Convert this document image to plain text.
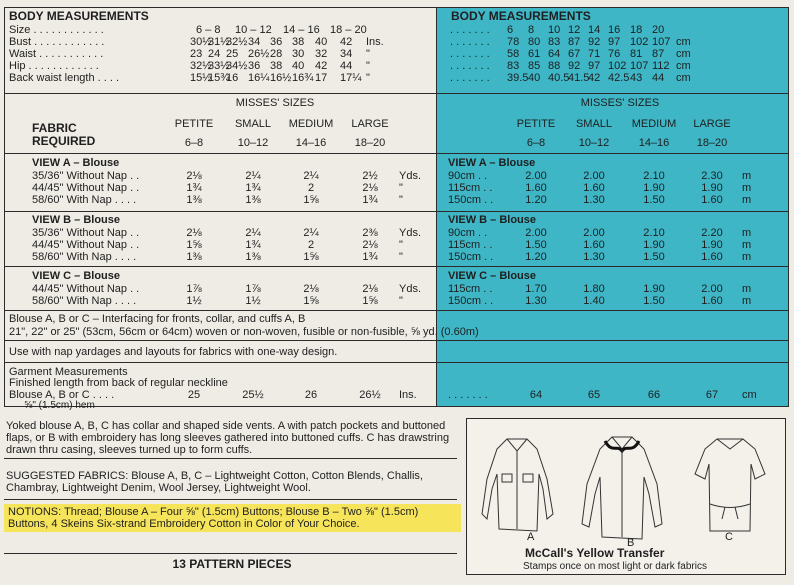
BODY MEASUREMENTS
Size . . . . . . . . . . . .	6 – 8 10 – 12 14 – 16 18 – 20
Bust . . . . . . . . . . . .	30½
31½
32½ 34 36 38 40 42 Ins.
Waist . . . . . . . . . . .	23 24 25 26½ 28 30 32 34 "
Hip . . . . . . . . . . . .	32½
33½
34½ 36 38 40 42 44 "
Back waist length . . . .	15½
15¾
16 16¼ 16½ 16¾ 17 17¼ "
. . . . . . . 6 8 10 12 14 16 18 20
. . . . . . . 78 80 83 87 92 97 102 107 cm
. . . . . . . 58 61 64 67 71 76 81 87 cm
. . . . . . . 83 85 88 92 97 102 107 112 cm
. . . . . . . 39.5 40 40.5
41.5
42 42.5 43 44 cm
MISSES' SIZES
FABRIC
REQUIRED
PETITE
6–8
SMALL
10–12
MEDIUM
14–16
LARGE
18–20
MISSES' SIZES
BODY MEASUREMENTS
PETITE
6–8
SMALL
10–12
MEDIUM
14–16
LARGE
18–20
VIEW A – Blouse
35/36" Without Nap . .	2⅛	2¼	2¼	2½ Yds.
44/45" Without Nap . .	1¾	1¾	2	2⅛ "
58/60" With Nap . . . .	1⅜	1⅜	1⅝	1¾ "
VIEW B – Blouse
35/36" Without Nap . .	2⅛	2¼	2¼	2⅜ Yds.
44/45" Without Nap . .	1⅝	1¾	2	2⅛ "
58/60" With Nap . . . .	1⅜	1⅜	1⅝	1¾ "
VIEW C – Blouse
44/45" Without Nap . .	1⅞	1⅞	2⅛	2⅛ Yds.
58/60" With Nap . . . .	1½	1½	1⅝	1⅝ "
VIEW A – Blouse
90cm . .	2.00	2.00	2.10	2.30 m
115cm . .	1.60	1.60	1.90	1.90 m
150cm . .	1.20	1.30	1.50	1.60 m
VIEW B – Blouse
90cm . .	2.00	2.00	2.10	2.20 m
115cm . .	1.50	1.60	1.90	1.90 m
150cm . .	1.20	1.30	1.50	1.60 m
VIEW C – Blouse
115cm . .	1.70	1.80	1.90	2.00 m
150cm . .	1.30	1.40	1.50	1.60 m
Blouse A, B or C – Interfacing for fronts, collar, and cuffs A, B
21", 22" or 25" (53cm, 56cm or 64cm) woven or non-woven, fusible or non-fusible, ⅝ yd. (0.60m)
Use with nap yardages and layouts for fabrics with one-way design.
Garment Measurements
Finished length from back of regular neckline
Blouse A, B or C . . . .
⅝" (1.5cm) hem
25	25½	26	26½ Ins.	64	65	66	67 cm
. . . . . . .
Yoked blouse A, B, C has collar and shaped side vents. A with patch pockets and buttoned flaps, or B with embroidery has long sleeves gathered into buttoned cuffs. C has drawstring drawn thru casing, sleeves turned up to form cuffs.
SUGGESTED FABRICS: Blouse A, B, C – Lightweight Cotton, Cotton Blends, Challis, Chambray, Lightweight Denim, Wool Jersey, Lightweight Wool.
NOTIONS: Thread; Blouse A – Four ⅝" (1.5cm) Buttons; Blouse B – Two ⅝" (1.5cm) Buttons, 4 Skeins Six-strand Embroidery Cotton in Color of Your Choice.
13 PATTERN PIECES
A	B	C
McCall's Yellow Transfer
Stamps once on most light or dark fabrics
